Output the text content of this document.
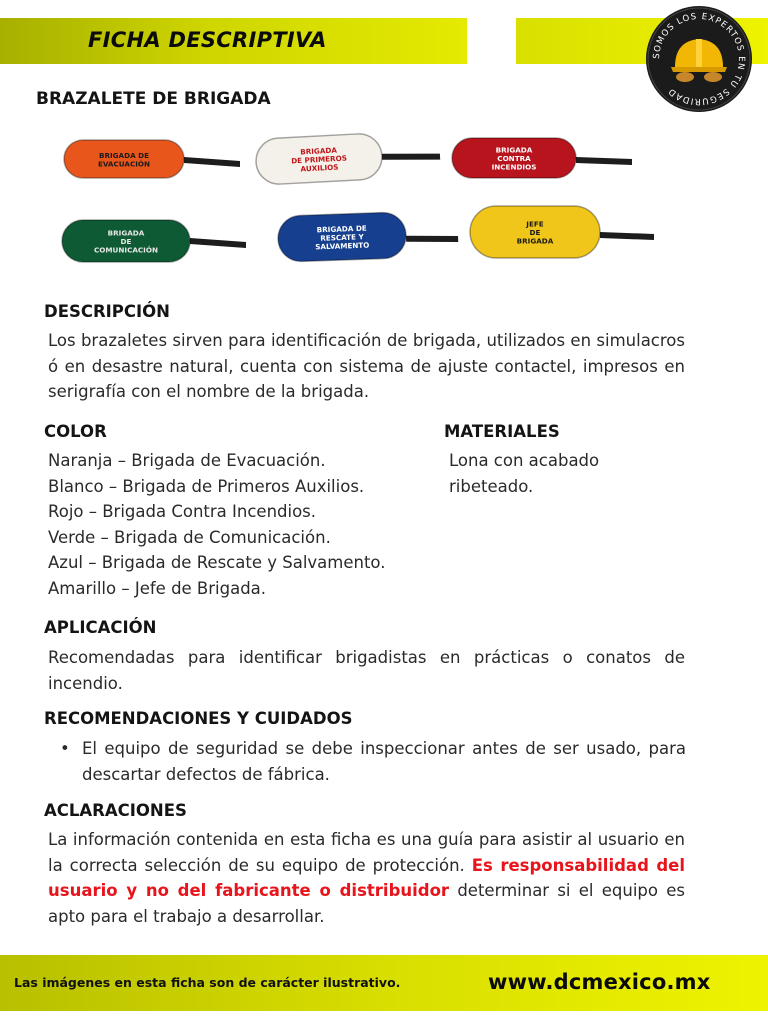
FICHA DESCRIPTIVA
SOMOS LOS EXPERTOS EN TU SEGURIDAD
BRAZALETE DE BRIGADA
BRIGADA DE
EVACUACIÓN
BRIGADA
DE PRIMEROS
AUXILIOS
BRIGADA
CONTRA
INCENDIOS
BRIGADA
DE
COMUNICACIÓN
BRIGADA DE
RESCATE Y
SALVAMENTO
JEFE
DE
BRIGADA
DESCRIPCIÓN
Los brazaletes sirven para identificación de brigada, utilizados en simulacros ó en desastre natural, cuenta con sistema de ajuste contactel, impresos en serigrafía con el nombre de la brigada.
COLOR
Naranja – Brigada de Evacuación.
Blanco – Brigada de Primeros Auxilios.
Rojo – Brigada Contra Incendios.
Verde – Brigada de Comunicación.
Azul – Brigada de Rescate y Salvamento.
Amarillo – Jefe de Brigada.
MATERIALES
Lona con acabado
ribeteado.
APLICACIÓN
Recomendadas para identificar brigadistas en prácticas o conatos de incendio.
RECOMENDACIONES Y CUIDADOS
• El equipo de seguridad se debe inspeccionar antes de ser usado, para descartar defectos de fábrica.
ACLARACIONES
La información contenida en esta ficha es una guía para asistir al usuario en la correcta selección de su equipo de protección. Es responsabilidad del usuario y no del fabricante o distribuidor determinar si el equipo es apto para el trabajo a desarrollar.
Las imágenes en esta ficha son de carácter ilustrativo.	www.dcmexico.mx
